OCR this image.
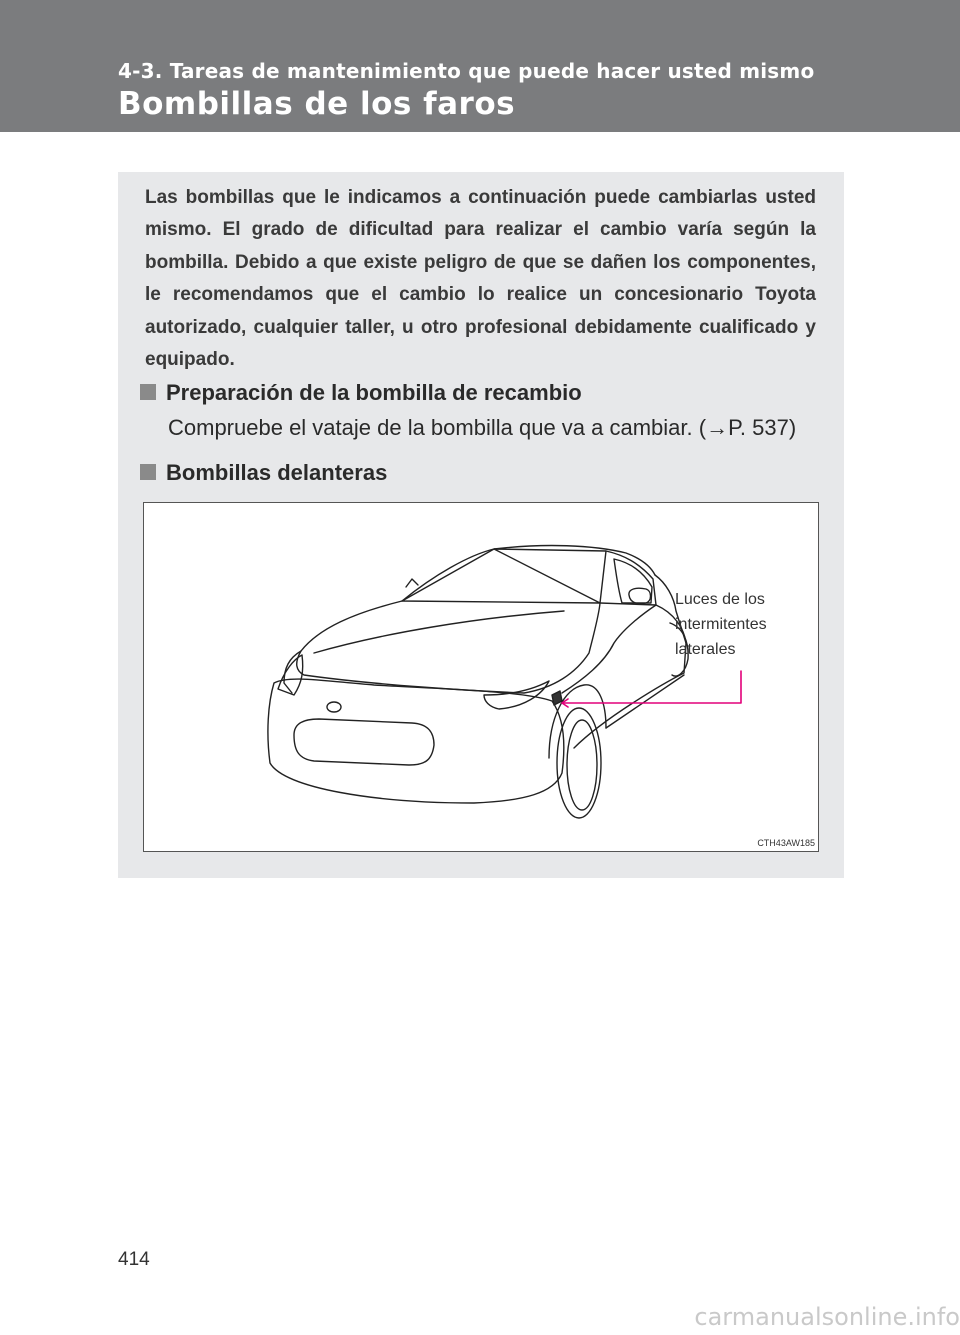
4-3. Tareas de mantenimiento que puede hacer usted mismo
Bombillas de los faros

Las bombillas que le indicamos a continuación puede cambiarlas usted mismo. El grado de dificultad para realizar el cambio varía según la bombilla. Debido a que existe peligro de que se dañen los componentes, le recomendamos que el cambio lo realice un concesionario Toyota autorizado, cualquier taller, u otro profesional debidamente cualificado y equipado.

Preparación de la bombilla de recambio

Compruebe el vataje de la bombilla que va a cambiar. (→P. 537)

Bombillas delanteras
Luces de los
intermitentes
laterales
CTH43AW185
414
carmanualsonline.info
